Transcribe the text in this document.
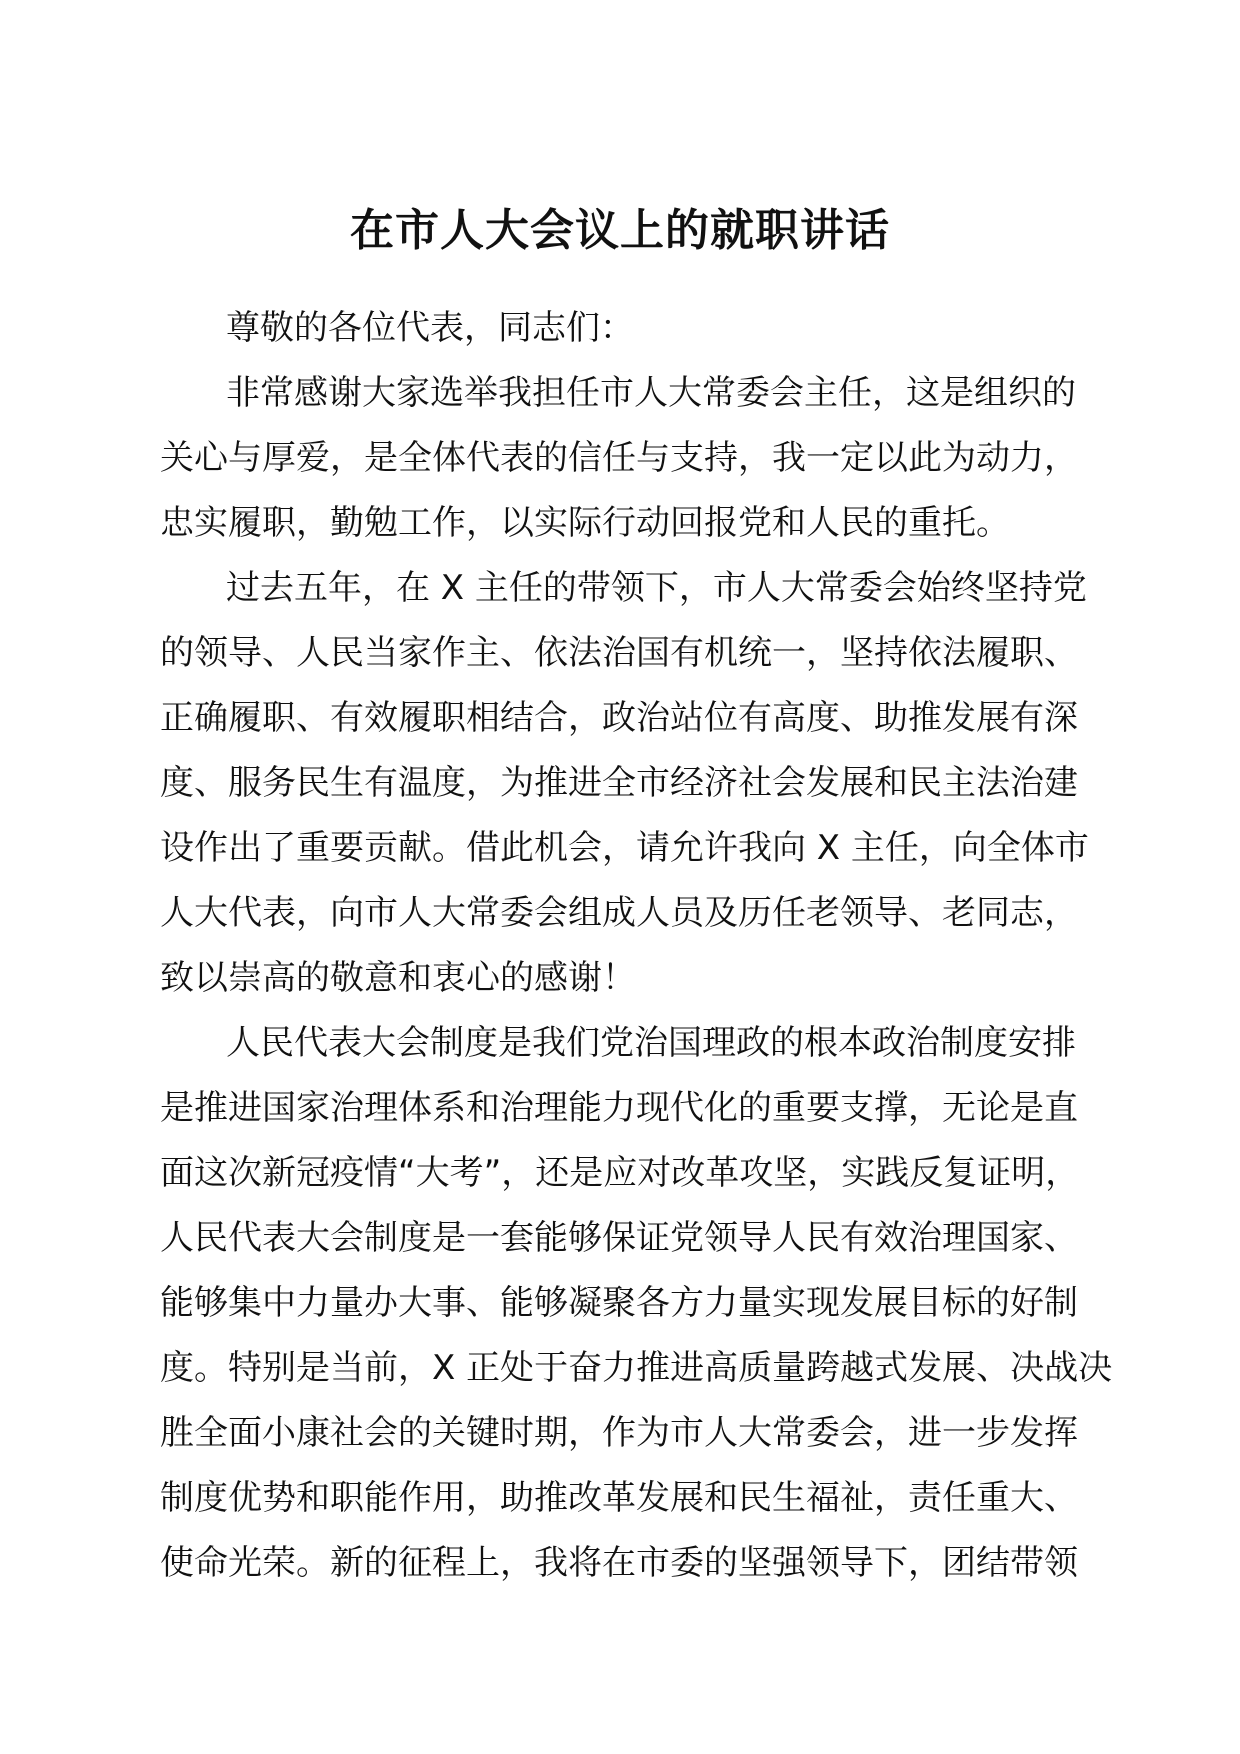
在市人大会议上的就职讲话
尊敬的各位代表，同志们：
非常感谢大家选举我担任市人大常委会主任，这是组织的
关心与厚爱，是全体代表的信任与支持，我一定以此为动力，
忠实履职，勤勉工作，以实际行动回报党和人民的重托。
过去五年，在 X 主任的带领下，市人大常委会始终坚持党
的领导、人民当家作主、依法治国有机统一，坚持依法履职、
正确履职、有效履职相结合，政治站位有高度、助推发展有深
度、服务民生有温度，为推进全市经济社会发展和民主法治建
设作出了重要贡献。借此机会，请允许我向 X 主任，向全体市
人大代表，向市人大常委会组成人员及历任老领导、老同志，
致以崇高的敬意和衷心的感谢！
人民代表大会制度是我们党治国理政的根本政治制度安排
是推进国家治理体系和治理能力现代化的重要支撑，无论是直
面这次新冠疫情“大考”，还是应对改革攻坚，实践反复证明，
人民代表大会制度是一套能够保证党领导人民有效治理国家、
能够集中力量办大事、能够凝聚各方力量实现发展目标的好制
度。特别是当前，X 正处于奋力推进高质量跨越式发展、决战决
胜全面小康社会的关键时期，作为市人大常委会，进一步发挥
制度优势和职能作用，助推改革发展和民生福祉，责任重大、
使命光荣。新的征程上，我将在市委的坚强领导下，团结带领
